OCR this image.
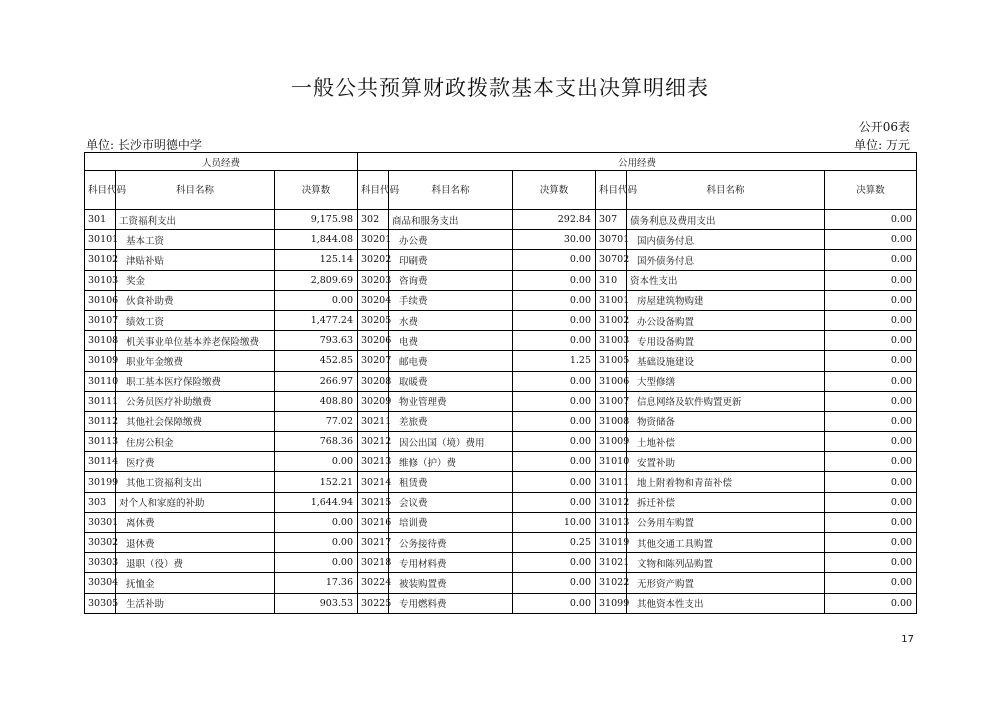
一般公共预算财政拨款基本支出决算明细表
公开06表
单位: 长沙市明德中学	单位: 万元
人员经费			公用经费					
科目代码	科目名称	决算数	科目代码	科目名称	决算数	科目代码	科目名称	决算数
301	工资福利支出	9,175.98	302	商品和服务支出	292.84	307	债务利息及费用支出	0.00
30101	基本工资	1,844.08	30201	办公费	30.00	30701	国内债务付息	0.00
30102	津贴补贴	125.14	30202	印刷费	0.00	30702	国外债务付息	0.00
30103	奖金	2,809.69	30203	咨询费	0.00	310	资本性支出	0.00
30106	伙食补助费	0.00	30204	手续费	0.00	31001	房屋建筑物购建	0.00
30107	绩效工资	1,477.24	30205	水费	0.00	31002	办公设备购置	0.00
30108	机关事业单位基本养老保险缴费	793.63	30206	电费	0.00	31003	专用设备购置	0.00
30109	职业年金缴费	452.85	30207	邮电费	1.25	31005	基础设施建设	0.00
30110	职工基本医疗保险缴费	266.97	30208	取暖费	0.00	31006	大型修缮	0.00
30111	公务员医疗补助缴费	408.80	30209	物业管理费	0.00	31007	信息网络及软件购置更新	0.00
30112	其他社会保障缴费	77.02	30211	差旅费	0.00	31008	物资储备	0.00
30113	住房公积金	768.36	30212	因公出国（境）费用	0.00	31009	土地补偿	0.00
30114	医疗费	0.00	30213	维修（护）费	0.00	31010	安置补助	0.00
30199	其他工资福利支出	152.21	30214	租赁费	0.00	31011	地上附着物和青苗补偿	0.00
303	对个人和家庭的补助	1,644.94	30215	会议费	0.00	31012	拆迁补偿	0.00
30301	离休费	0.00	30216	培训费	10.00	31013	公务用车购置	0.00
30302	退休费	0.00	30217	公务接待费	0.25	31019	其他交通工具购置	0.00
30303	退职（役）费	0.00	30218	专用材料费	0.00	31021	文物和陈列品购置	0.00
30304	抚恤金	17.36	30224	被装购置费	0.00	31022	无形资产购置	0.00
30305	生活补助	903.53	30225	专用燃料费	0.00	31099	其他资本性支出	0.00
17
